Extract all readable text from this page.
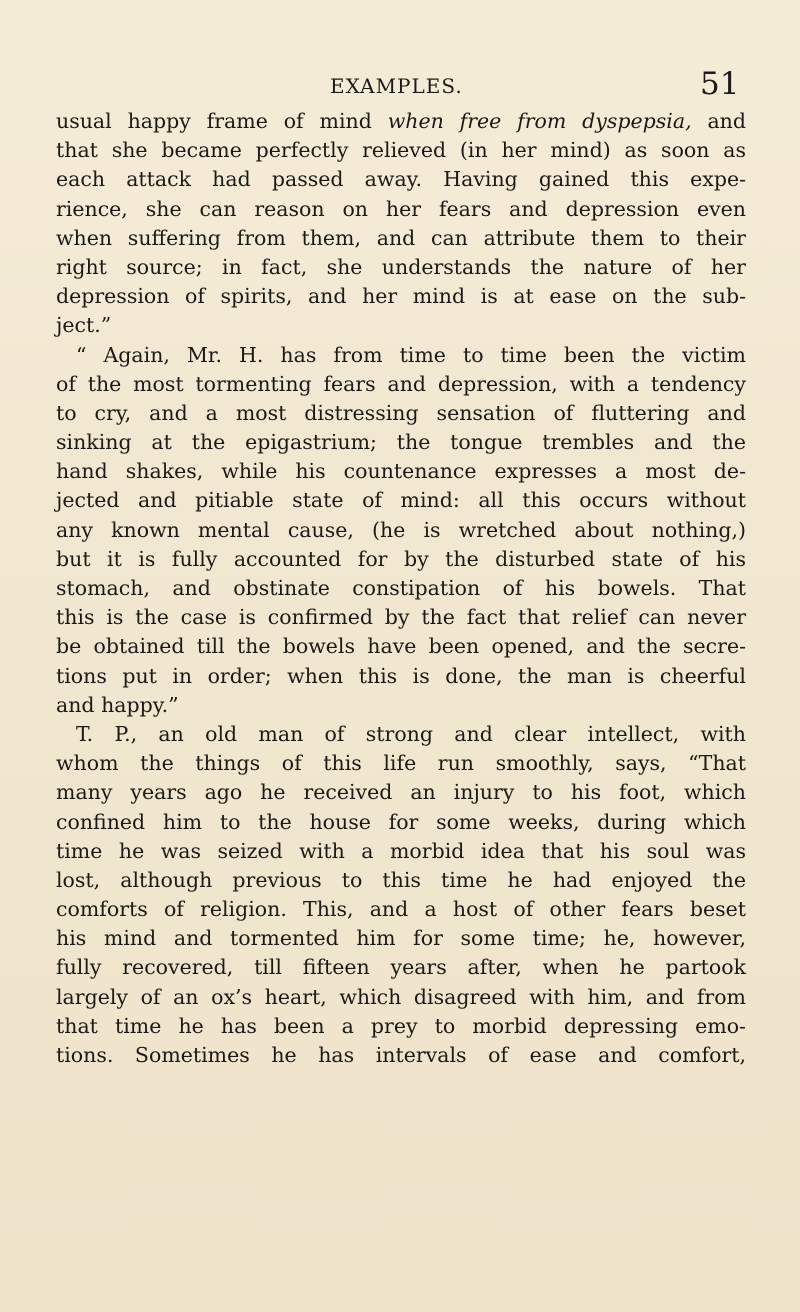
EXAMPLES.	51
usual happy frame of mind when free from dyspepsia, and
that she became perfectly relieved (in her mind) as soon as
each attack had passed away. Having gained this expe-
rience, she can reason on her fears and depression even
when suffering from them, and can attribute them to their
right source; in fact, she understands the nature of her
depression of spirits, and her mind is at ease on the sub-
ject.”
“ Again, Mr. H. has from time to time been the victim
of the most tormenting fears and depression, with a tendency
to cry, and a most distressing sensation of fluttering and
sinking at the epigastrium; the tongue trembles and the
hand shakes, while his countenance expresses a most de-
jected and pitiable state of mind: all this occurs without
any known mental cause, (he is wretched about nothing,)
but it is fully accounted for by the disturbed state of his
stomach, and obstinate constipation of his bowels. That
this is the case is confirmed by the fact that relief can never
be obtained till the bowels have been opened, and the secre-
tions put in order; when this is done, the man is cheerful
and happy.”
T. P., an old man of strong and clear intellect, with
whom the things of this life run smoothly, says, “That
many years ago he received an injury to his foot, which
confined him to the house for some weeks, during which
time he was seized with a morbid idea that his soul was
lost, although previous to this time he had enjoyed the
comforts of religion. This, and a host of other fears beset
his mind and tormented him for some time; he, however,
fully recovered, till fifteen years after, when he partook
largely of an ox’s heart, which disagreed with him, and from
that time he has been a prey to morbid depressing emo-
tions. Sometimes he has intervals of ease and comfort,
